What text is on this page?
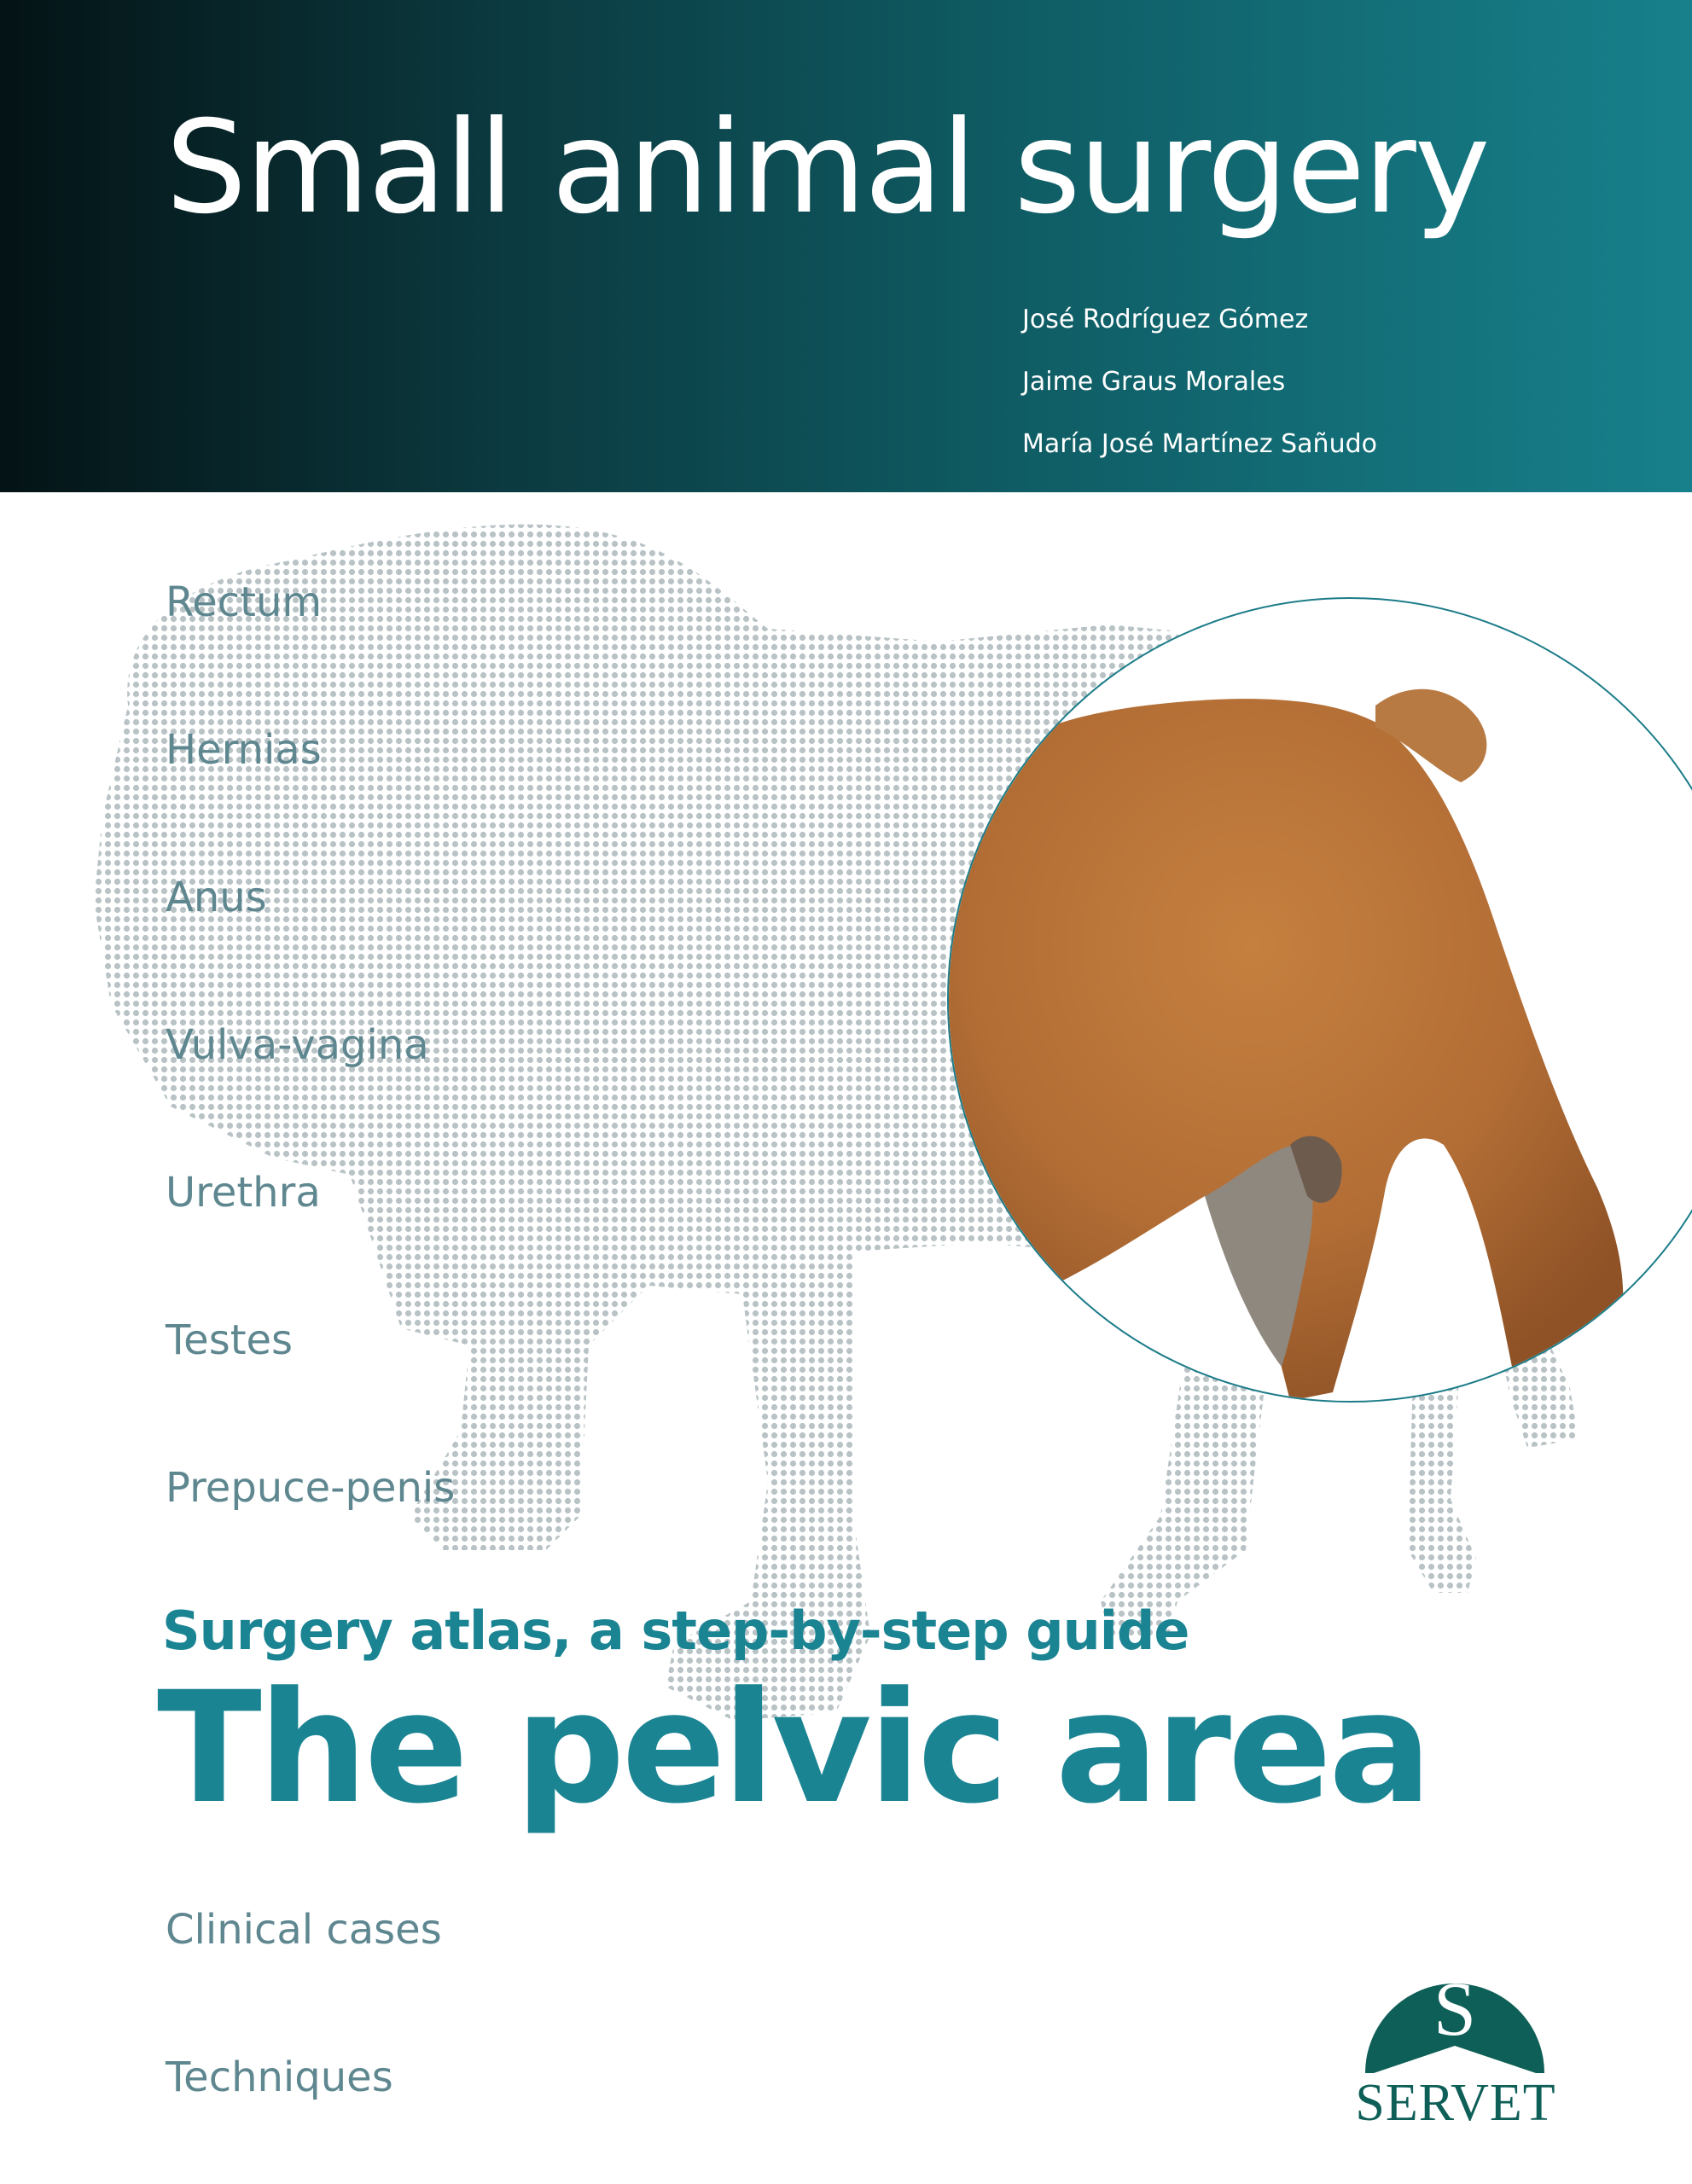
Small animal surgery
José Rodríguez Gómez
Jaime Graus Morales
María José Martínez Sañudo
Rectum
Hernias
Anus
Vulva-vagina
Urethra
Testes
Prepuce-penis
Clinical cases
Techniques
Surgery atlas, a step-by-step guide
The pelvic area
S
SERVET
